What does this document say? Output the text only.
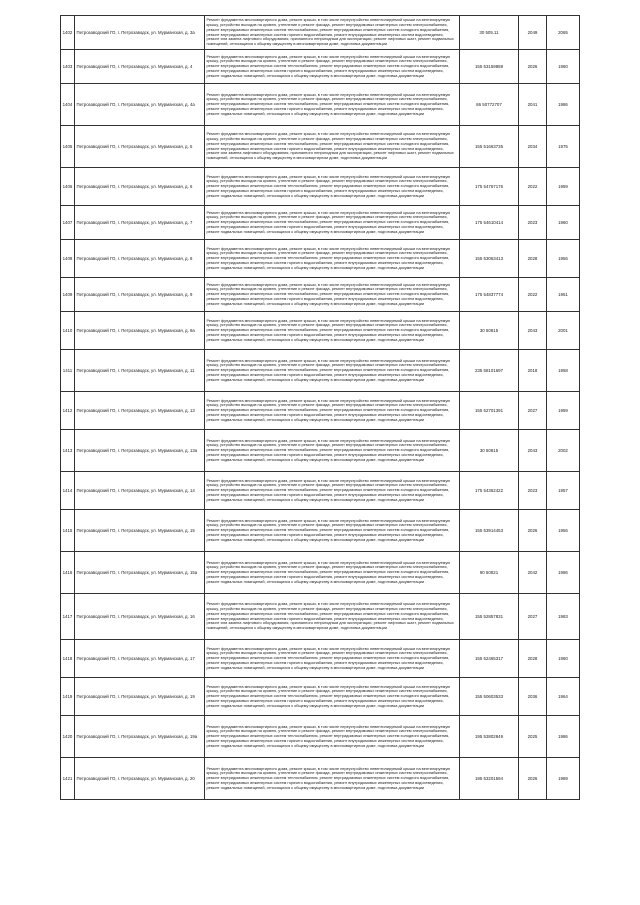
1402	Петрозаводский ГО, г. Петрозаводск, ул. Мурманская, д. 3а	Ремонт фундамента многоквартирного дома, ремонт крыши, в том числе переустройство невентилируемой крыши на вентилируемую крышу, устройство выходов на кровлю, утепление и ремонт фасада, ремонт внутридомовых инженерных систем электроснабжения, ремонт внутридомовых инженерных систем теплоснабжения, ремонт внутридомовых инженерных систем холодного водоснабжения, ремонт внутридомовых инженерных систем горячего водоснабжения, ремонт внутридомовых инженерных систем водоотведения, ремонт или замена лифтового оборудования, признанного непригодным для эксплуатации, ремонт лифтовых шахт, ремонт подвальных помещений, относящихся к общему имуществу в многоквартирном доме, подготовка документации	30 505.11	2049	2065
1403	Петрозаводский ГО, г. Петрозаводск, ул. Мурманская, д. 4	Ремонт фундамента многоквартирного дома, ремонт крыши, в том числе переустройство невентилируемой крыши на вентилируемую крышу, устройство выходов на кровлю, утепление и ремонт фасада, ремонт внутридомовых инженерных систем электроснабжения, ремонт внутридомовых инженерных систем теплоснабжения, ремонт внутридомовых инженерных систем холодного водоснабжения, ремонт внутридомовых инженерных систем горячего водоснабжения, ремонт внутридомовых инженерных систем водоотведения, ремонт подвальных помещений, относящихся к общему имуществу в многоквартирном доме, подготовка документации	155 53159889	2026	1960
1404	Петрозаводский ГО, г. Петрозаводск, ул. Мурманская, д. 4а	Ремонт фундамента многоквартирного дома, ремонт крыши, в том числе переустройство невентилируемой крыши на вентилируемую крышу, устройство выходов на кровлю, утепление и ремонт фасада, ремонт внутридомовых инженерных систем электроснабжения, ремонт внутридомовых инженерных систем теплоснабжения, ремонт внутридомовых инженерных систем холодного водоснабжения, ремонт внутридомовых инженерных систем горячего водоснабжения, ремонт внутридомовых инженерных систем водоотведения, ремонт подвальных помещений, относящихся к общему имуществу в многоквартирном доме, подготовка документации	86 50772707	2041	1986
1405	Петрозаводский ГО, г. Петрозаводск, ул. Мурманская, д. 5	Ремонт фундамента многоквартирного дома, ремонт крыши, в том числе переустройство невентилируемой крыши на вентилируемую крышу, устройство выходов на кровлю, утепление и ремонт фасада, ремонт внутридомовых инженерных систем электроснабжения, ремонт внутридомовых инженерных систем теплоснабжения, ремонт внутридомовых инженерных систем холодного водоснабжения, ремонт внутридомовых инженерных систем горячего водоснабжения, ремонт внутридомовых инженерных систем водоотведения, ремонт или замена лифтового оборудования, признанного непригодным для эксплуатации, ремонт лифтовых шахт, ремонт подвальных помещений, относящихся к общему имуществу в многоквартирном доме, подготовка документации	155 51663735	2034	1975
1406	Петрозаводский ГО, г. Петрозаводск, ул. Мурманская, д. 6	Ремонт фундамента многоквартирного дома, ремонт крыши, в том числе переустройство невентилируемой крыши на вентилируемую крышу, устройство выходов на кровлю, утепление и ремонт фасада, ремонт внутридомовых инженерных систем электроснабжения, ремонт внутридомовых инженерных систем теплоснабжения, ремонт внутридомовых инженерных систем холодного водоснабжения, ремонт внутридомовых инженерных систем горячего водоснабжения, ремонт внутридомовых инженерных систем водоотведения, ремонт подвальных помещений, относящихся к общему имуществу в многоквартирном доме, подготовка документации	175 54767176	2022	1959
1407	Петрозаводский ГО, г. Петрозаводск, ул. Мурманская, д. 7	Ремонт фундамента многоквартирного дома, ремонт крыши, в том числе переустройство невентилируемой крыши на вентилируемую крышу, устройство выходов на кровлю, утепление и ремонт фасада, ремонт внутридомовых инженерных систем электроснабжения, ремонт внутридомовых инженерных систем теплоснабжения, ремонт внутридомовых инженерных систем холодного водоснабжения, ремонт внутридомовых инженерных систем горячего водоснабжения, ремонт внутридомовых инженерных систем водоотведения, ремонт подвальных помещений, относящихся к общему имуществу в многоквартирном доме, подготовка документации	175 54610414	2023	1960
1408	Петрозаводский ГО, г. Петрозаводск, ул. Мурманская, д. 8	Ремонт фундамента многоквартирного дома, ремонт крыши, в том числе переустройство невентилируемой крыши на вентилируемую крышу, устройство выходов на кровлю, утепление и ремонт фасада, ремонт внутридомовых инженерных систем электроснабжения, ремонт внутридомовых инженерных систем теплоснабжения, ремонт внутридомовых инженерных систем холодного водоснабжения, ремонт внутридомовых инженерных систем горячего водоснабжения, ремонт внутридомовых инженерных систем водоотведения, ремонт подвальных помещений, относящихся к общему имуществу в многоквартирном доме, подготовка документации	155 53063413	2028	1956
1409	Петрозаводский ГО, г. Петрозаводск, ул. Мурманская, д. 9	Ремонт фундамента многоквартирного дома, ремонт крыши, в том числе переустройство невентилируемой крыши на вентилируемую крышу, устройство выходов на кровлю, утепление и ремонт фасада, ремонт внутридомовых инженерных систем электроснабжения, ремонт внутридомовых инженерных систем теплоснабжения, ремонт внутридомовых инженерных систем холодного водоснабжения, ремонт внутридомовых инженерных систем горячего водоснабжения, ремонт внутридомовых инженерных систем водоотведения, ремонт подвальных помещений, относящихся к общему имуществу в многоквартирном доме, подготовка документации	175 54837774	2022	1951
1410	Петрозаводский ГО, г. Петрозаводск, ул. Мурманская, д. 9а	Ремонт фундамента многоквартирного дома, ремонт крыши, в том числе переустройство невентилируемой крыши на вентилируемую крышу, устройство выходов на кровлю, утепление и ремонт фасада, ремонт внутридомовых инженерных систем электроснабжения, ремонт внутридомовых инженерных систем теплоснабжения, ремонт внутридомовых инженерных систем холодного водоснабжения, ремонт внутридомовых инженерных систем горячего водоснабжения, ремонт внутридомовых инженерных систем водоотведения, ремонт подвальных помещений, относящихся к общему имуществу в многоквартирном доме, подготовка документации	30 50815	2043	2001
1411	Петрозаводский ГО, г. Петрозаводск, ул. Мурманская, д. 11	Ремонт фундамента многоквартирного дома, ремонт крыши, в том числе переустройство невентилируемой крыши на вентилируемую крышу, устройство выходов на кровлю, утепление и ремонт фасада, ремонт внутридомовых инженерных систем электроснабжения, ремонт внутридомовых инженерных систем теплоснабжения, ремонт внутридомовых инженерных систем холодного водоснабжения, ремонт внутридомовых инженерных систем горячего водоснабжения, ремонт внутридомовых инженерных систем водоотведения, ремонт подвальных помещений, относящихся к общему имуществу в многоквартирном доме, подготовка документации	235 58101697	2018	1958
1412	Петрозаводский ГО, г. Петрозаводск, ул. Мурманская, д. 13	Ремонт фундамента многоквартирного дома, ремонт крыши, в том числе переустройство невентилируемой крыши на вентилируемую крышу, устройство выходов на кровлю, утепление и ремонт фасада, ремонт внутридомовых инженерных систем электроснабжения, ремонт внутридомовых инженерных систем теплоснабжения, ремонт внутридомовых инженерных систем холодного водоснабжения, ремонт внутридомовых инженерных систем горячего водоснабжения, ремонт внутридомовых инженерных систем водоотведения, ремонт подвальных помещений, относящихся к общему имуществу в многоквартирном доме, подготовка документации	155 52701391	2027	1959
1413	Петрозаводский ГО, г. Петрозаводск, ул. Мурманская, д. 13а	Ремонт фундамента многоквартирного дома, ремонт крыши, в том числе переустройство невентилируемой крыши на вентилируемую крышу, устройство выходов на кровлю, утепление и ремонт фасада, ремонт внутридомовых инженерных систем электроснабжения, ремонт внутридомовых инженерных систем теплоснабжения, ремонт внутридомовых инженерных систем холодного водоснабжения, ремонт внутридомовых инженерных систем горячего водоснабжения, ремонт внутридомовых инженерных систем водоотведения, ремонт подвальных помещений, относящихся к общему имуществу в многоквартирном доме, подготовка документации	30 50815	2043	2002
1414	Петрозаводский ГО, г. Петрозаводск, ул. Мурманская, д. 14	Ремонт фундамента многоквартирного дома, ремонт крыши, в том числе переустройство невентилируемой крыши на вентилируемую крышу, устройство выходов на кровлю, утепление и ремонт фасада, ремонт внутридомовых инженерных систем электроснабжения, ремонт внутридомовых инженерных систем теплоснабжения, ремонт внутридомовых инженерных систем холодного водоснабжения, ремонт внутридомовых инженерных систем горячего водоснабжения, ремонт внутридомовых инженерных систем водоотведения, ремонт подвальных помещений, относящихся к общему имуществу в многоквартирном доме, подготовка документации	175 54362422	2023	1957
1415	Петрозаводский ГО, г. Петрозаводск, ул. Мурманская, д. 15	Ремонт фундамента многоквартирного дома, ремонт крыши, в том числе переустройство невентилируемой крыши на вентилируемую крышу, устройство выходов на кровлю, утепление и ремонт фасада, ремонт внутридомовых инженерных систем электроснабжения, ремонт внутридомовых инженерных систем теплоснабжения, ремонт внутридомовых инженерных систем холодного водоснабжения, ремонт внутридомовых инженерных систем горячего водоснабжения, ремонт внутридомовых инженерных систем водоотведения, ремонт подвальных помещений, относящихся к общему имуществу в многоквартирном доме, подготовка документации	155 53914453	2026	1956
1416	Петрозаводский ГО, г. Петрозаводск, ул. Мурманская, д. 15а	Ремонт фундамента многоквартирного дома, ремонт крыши, в том числе переустройство невентилируемой крыши на вентилируемую крышу, устройство выходов на кровлю, утепление и ремонт фасада, ремонт внутридомовых инженерных систем электроснабжения, ремонт внутридомовых инженерных систем теплоснабжения, ремонт внутридомовых инженерных систем холодного водоснабжения, ремонт внутридомовых инженерных систем горячего водоснабжения, ремонт внутридомовых инженерных систем водоотведения, ремонт подвальных помещений, относящихся к общему имуществу в многоквартирном доме, подготовка документации	90 50821	2042	1986
1417	Петрозаводский ГО, г. Петрозаводск, ул. Мурманская, д. 16	Ремонт фундамента многоквартирного дома, ремонт крыши, в том числе переустройство невентилируемой крыши на вентилируемую крышу, устройство выходов на кровлю, утепление и ремонт фасада, ремонт внутридомовых инженерных систем электроснабжения, ремонт внутридомовых инженерных систем теплоснабжения, ремонт внутридомовых инженерных систем холодного водоснабжения, ремонт внутридомовых инженерных систем горячего водоснабжения, ремонт внутридомовых инженерных систем водоотведения, ремонт или замена лифтового оборудования, признанного непригодным для эксплуатации, ремонт лифтовых шахт, ремонт подвальных помещений, относящихся к общему имуществу в многоквартирном доме, подготовка документации	155 52857831	2027	1983
1418	Петрозаводский ГО, г. Петрозаводск, ул. Мурманская, д. 17	Ремонт фундамента многоквартирного дома, ремонт крыши, в том числе переустройство невентилируемой крыши на вентилируемую крышу, устройство выходов на кровлю, утепление и ремонт фасада, ремонт внутридомовых инженерных систем электроснабжения, ремонт внутридомовых инженерных систем теплоснабжения, ремонт внутридомовых инженерных систем холодного водоснабжения, ремонт внутридомовых инженерных систем горячего водоснабжения, ремонт внутридомовых инженерных систем водоотведения, ремонт подвальных помещений, относящихся к общему имуществу в многоквартирном доме, подготовка документации	155 52465317	2028	1960
1419	Петрозаводский ГО, г. Петрозаводск, ул. Мурманская, д. 19	Ремонт фундамента многоквартирного дома, ремонт крыши, в том числе переустройство невентилируемой крыши на вентилируемую крышу, устройство выходов на кровлю, утепление и ремонт фасада, ремонт внутридомовых инженерных систем электроснабжения, ремонт внутридомовых инженерных систем теплоснабжения, ремонт внутридомовых инженерных систем холодного водоснабжения, ремонт внутридомовых инженерных систем горячего водоснабжения, ремонт внутридомовых инженерных систем водоотведения, ремонт подвальных помещений, относящихся к общему имуществу в многоквартирном доме, подготовка документации	155 50603533	2036	1964
1420	Петрозаводский ГО, г. Петрозаводск, ул. Мурманская, д. 19а	Ремонт фундамента многоквартирного дома, ремонт крыши, в том числе переустройство невентилируемой крыши на вентилируемую крышу, устройство выходов на кровлю, утепление и ремонт фасада, ремонт внутридомовых инженерных систем электроснабжения, ремонт внутридомовых инженерных систем теплоснабжения, ремонт внутридомовых инженерных систем холодного водоснабжения, ремонт внутридомовых инженерных систем горячего водоснабжения, ремонт внутридомовых инженерных систем водоотведения, ремонт подвальных помещений, относящихся к общему имуществу в многоквартирном доме, подготовка документации	195 53802849	2025	1986
1421	Петрозаводский ГО, г. Петрозаводск, ул. Мурманская, д. 20	Ремонт фундамента многоквартирного дома, ремонт крыши, в том числе переустройство невентилируемой крыши на вентилируемую крышу, устройство выходов на кровлю, утепление и ремонт фасада, ремонт внутридомовых инженерных систем электроснабжения, ремонт внутридомовых инженерных систем теплоснабжения, ремонт внутридомовых инженерных систем холодного водоснабжения, ремонт внутридомовых инженерных систем горячего водоснабжения, ремонт внутридомовых инженерных систем водоотведения, ремонт подвальных помещений, относящихся к общему имуществу в многоквартирном доме, подготовка документации	195 53201594	2026	1989
